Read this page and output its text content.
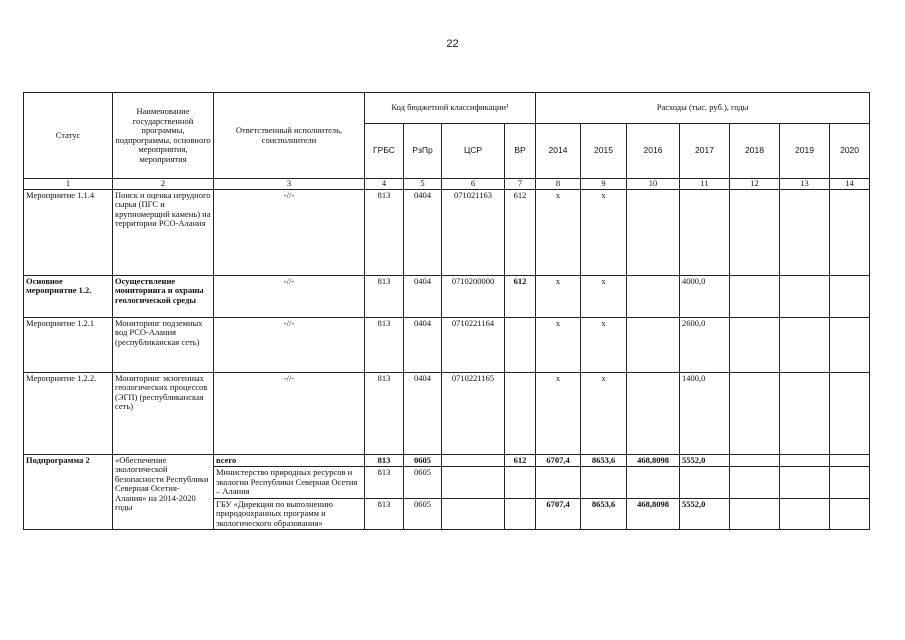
22
Статус	Наименование государственной программы, подпрограммы, основного мероприятия, мероприятия	Ответственный исполнитель, соисполнители	Код бюджетной классификации¹				Расходы (тыс. руб.), годы						
			ГРБС	РзПр	ЦСР	ВР	2014	2015	2016	2017	2018	2019	2020
1	2	3	4	5	6	7	8	9	10	11	12	13	14
Мероприятие 1.1.4	Поиск и оценка нерудного сырья (ПГС и крупномерщий камень) на территории РСО-Алания	-//-	813	0404	071021163	612	x	x					
Основное мероприятие 1.2.	Осуществление мониторинга и охраны геологической среды	-//-	813	0404	0710200000	612	x	x		4000,0			
Мероприятие 1.2.1	Мониторинг подземных вод РСО-Алания (республиканская сеть)	-//-	813	0404	0710221164		x	x		2600,0			
Мероприятие 1.2.2.	Мониторинг экзогенных геологических процессов (ЭГП) (республиканская сеть)	-//-	813	0404	0710221165		x	x		1400,0			
Подпрограмма 2	«Обеспечение экологической безопасности Республики Северная Осетия-Алания» на 2014-2020 годы	всего	813	0605		612	6707,4	8653,6	468,8098	5552,0			
		Министерство природных ресурсов и экологии Республики Северная Осетия – Алания	813	0605									
		ГБУ «Дирекция по выполнению природоохранных программ и экологического образования»	813	0605			6707,4	8653,6	468,8098	5552,0			
